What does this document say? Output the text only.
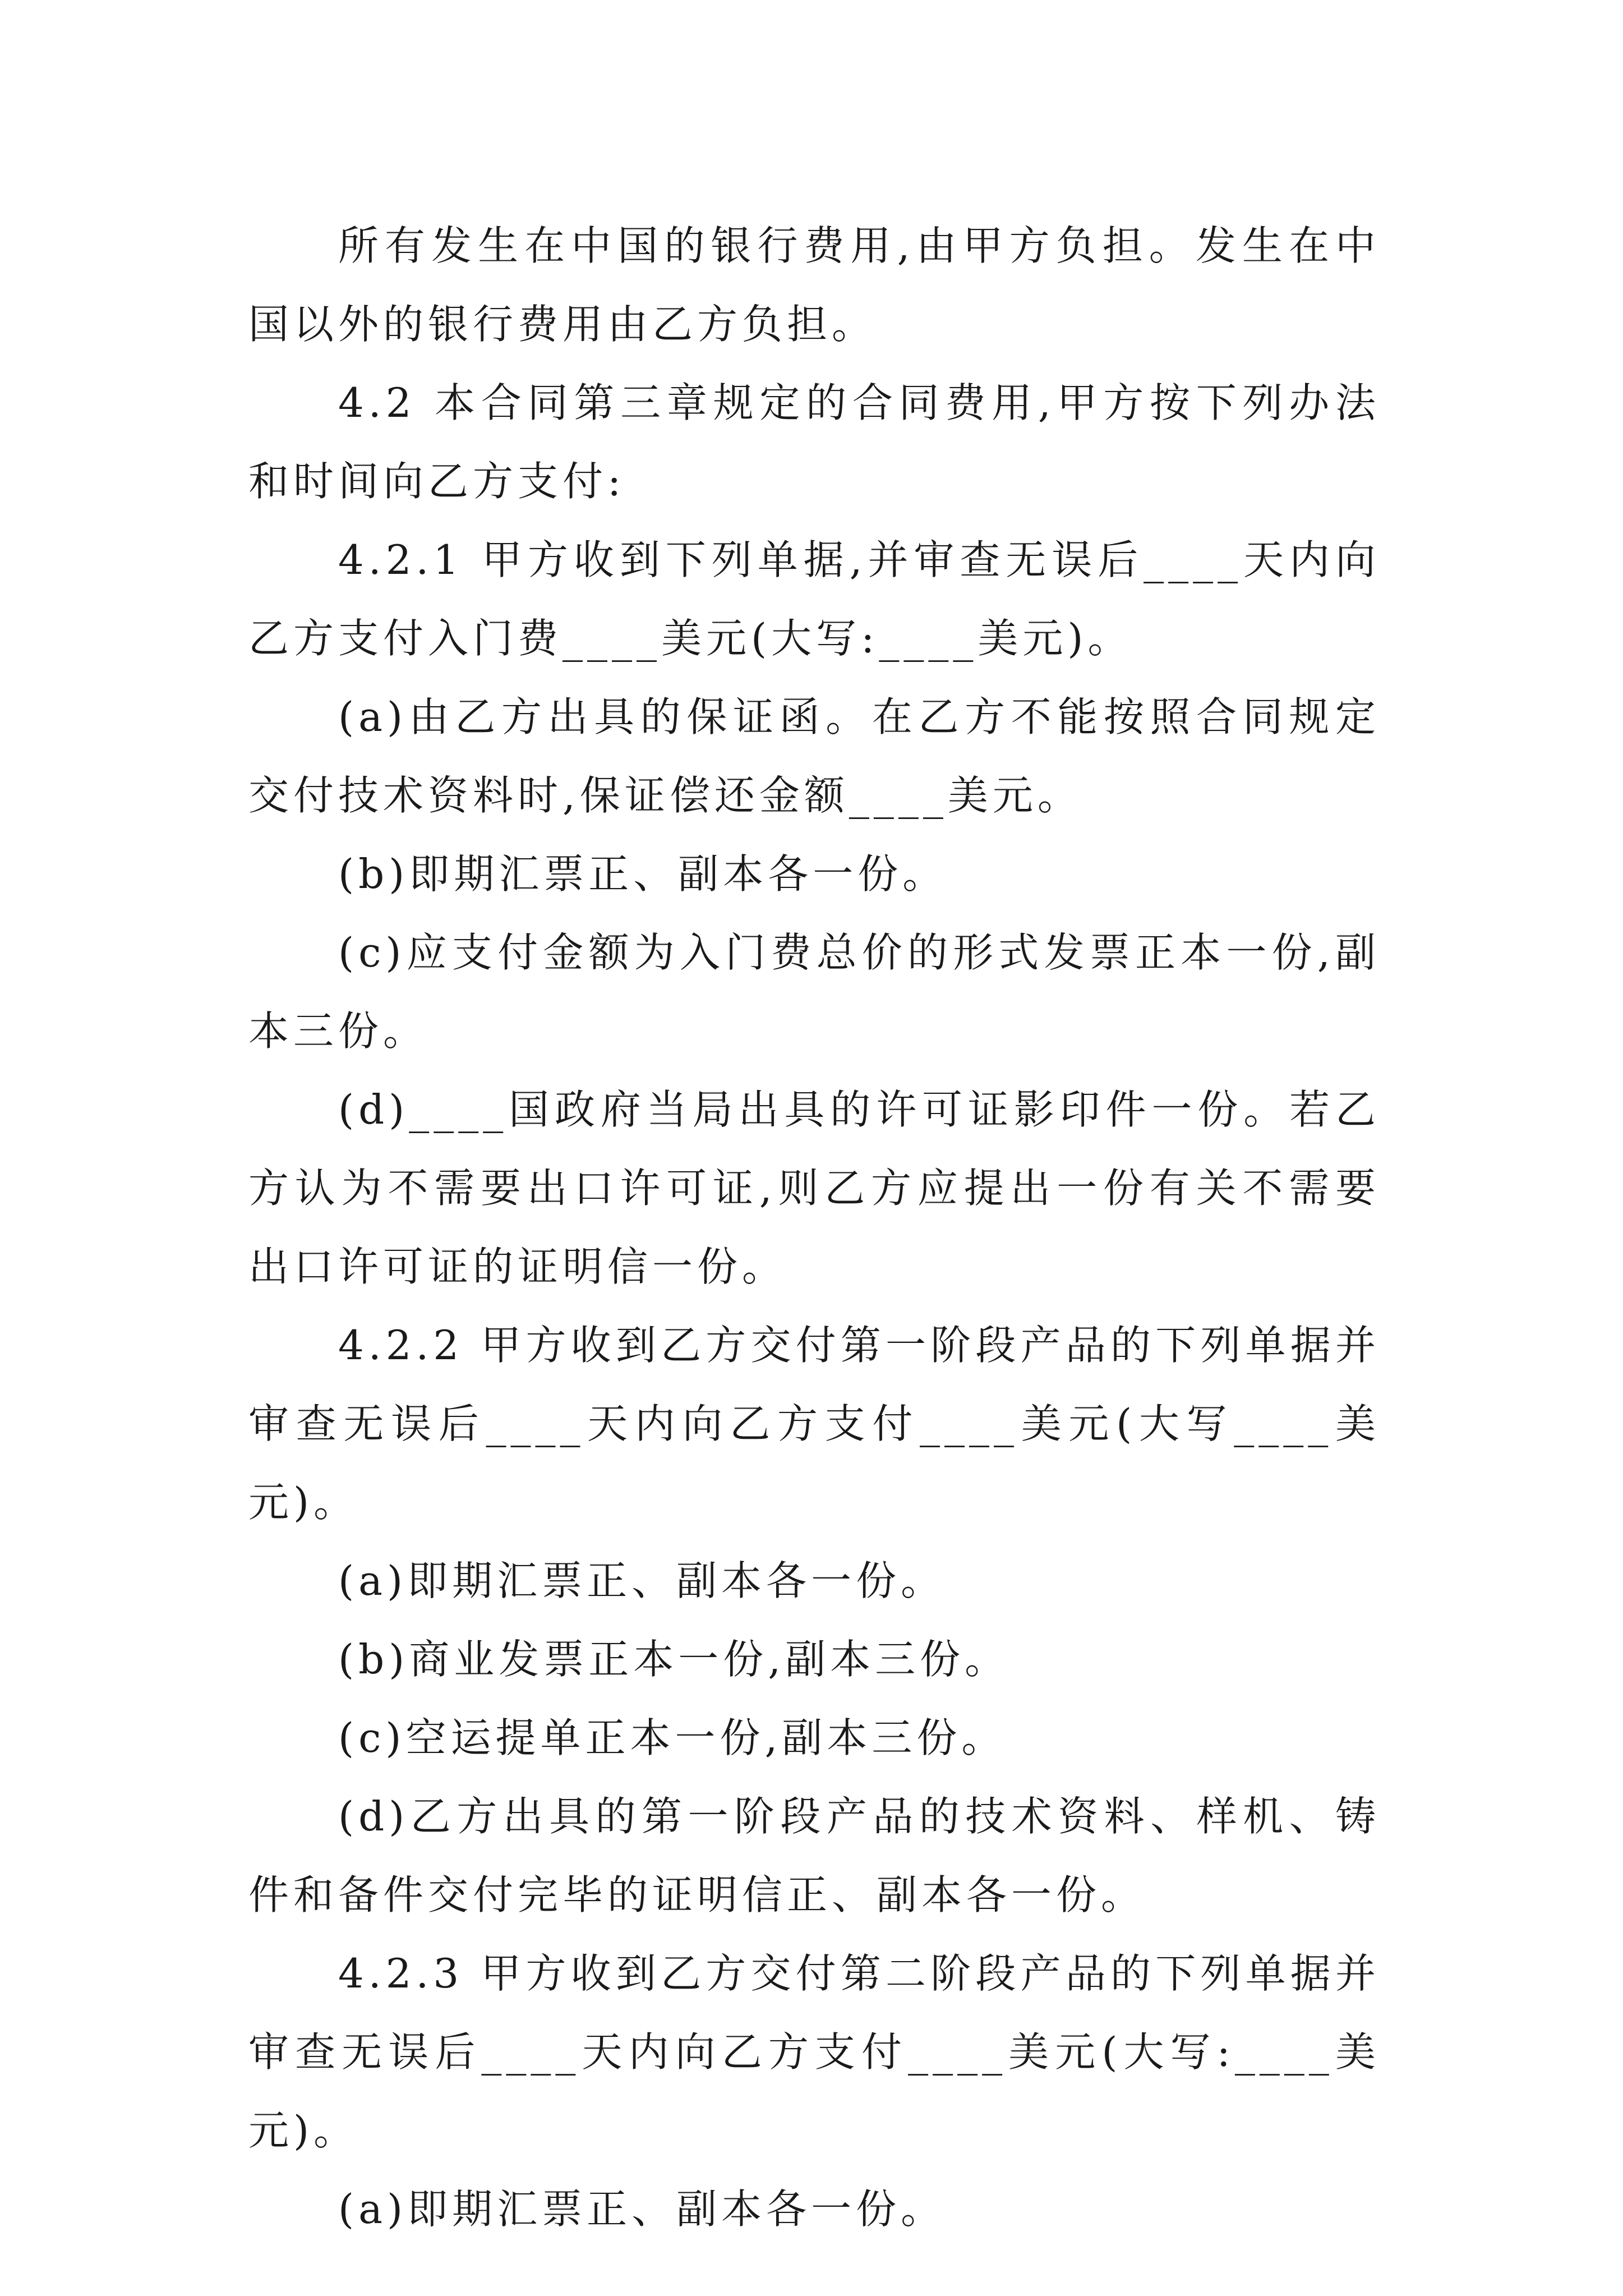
所有发生在中国的银行费用,由甲方负担。发生在中国以外的银行费用由乙方负担。

4.2 本合同第三章规定的合同费用,甲方按下列办法和时间向乙方支付:

4.2.1 甲方收到下列单据,并审查无误后____天内向乙方支付入门费____美元(大写:____美元)。

(a)由乙方出具的保证函。在乙方不能按照合同规定交付技术资料时,保证偿还金额____美元。

(b)即期汇票正、副本各一份。

(c)应支付金额为入门费总价的形式发票正本一份,副本三份。

(d)____国政府当局出具的许可证影印件一份。若乙方认为不需要出口许可证,则乙方应提出一份有关不需要出口许可证的证明信一份。

4.2.2 甲方收到乙方交付第一阶段产品的下列单据并审查无误后____天内向乙方支付____美元(大写____美元)。

(a)即期汇票正、副本各一份。

(b)商业发票正本一份,副本三份。

(c)空运提单正本一份,副本三份。

(d)乙方出具的第一阶段产品的技术资料、样机、铸件和备件交付完毕的证明信正、副本各一份。

4.2.3 甲方收到乙方交付第二阶段产品的下列单据并审查无误后____天内向乙方支付____美元(大写:____美元)。

(a)即期汇票正、副本各一份。
